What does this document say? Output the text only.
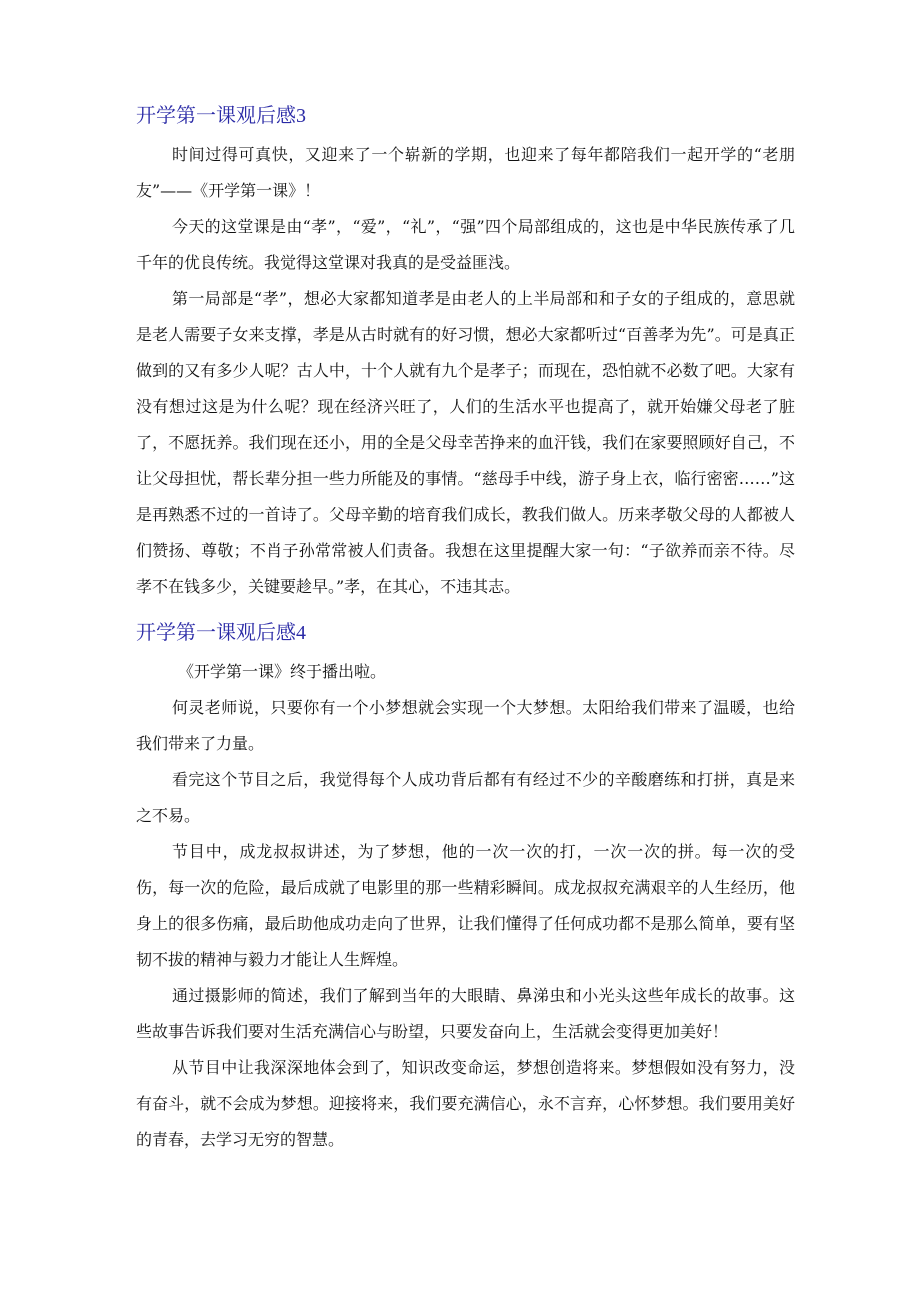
开学第一课观后感3

时间过得可真快，又迎来了一个崭新的学期，也迎来了每年都陪我们一起开学的“老朋友”——《开学第一课》！

今天的这堂课是由“孝”，“爱”，“礼”，“强”四个局部组成的，这也是中华民族传承了几千年的优良传统。我觉得这堂课对我真的是受益匪浅。

第一局部是“孝”，想必大家都知道孝是由老人的上半局部和和子女的子组成的，意思就是老人需要子女来支撑，孝是从古时就有的好习惯，想必大家都听过“百善孝为先”。可是真正做到的又有多少人呢？古人中，十个人就有九个是孝子；而现在，恐怕就不必数了吧。大家有没有想过这是为什么呢？现在经济兴旺了，人们的生活水平也提高了，就开始嫌父母老了脏了，不愿抚养。我们现在还小，用的全是父母幸苦挣来的血汗钱，我们在家要照顾好自己，不让父母担忧，帮长辈分担一些力所能及的事情。“慈母手中线，游子身上衣，临行密密……”这是再熟悉不过的一首诗了。父母辛勤的培育我们成长，教我们做人。历来孝敬父母的人都被人们赞扬、尊敬；不肖子孙常常被人们责备。我想在这里提醒大家一句：“子欲养而亲不待。尽孝不在钱多少，关键要趁早。”孝，在其心，不违其志。

开学第一课观后感4

《开学第一课》终于播出啦。

何灵老师说，只要你有一个小梦想就会实现一个大梦想。太阳给我们带来了温暖，也给我们带来了力量。

看完这个节目之后，我觉得每个人成功背后都有有经过不少的辛酸磨练和打拼，真是来之不易。

节目中，成龙叔叔讲述，为了梦想，他的一次一次的打，一次一次的拼。每一次的受伤，每一次的危险，最后成就了电影里的那一些精彩瞬间。成龙叔叔充满艰辛的人生经历，他身上的很多伤痛，最后助他成功走向了世界，让我们懂得了任何成功都不是那么简单，要有坚韧不拔的精神与毅力才能让人生辉煌。

通过摄影师的简述，我们了解到当年的大眼睛、鼻涕虫和小光头这些年成长的故事。这些故事告诉我们要对生活充满信心与盼望，只要发奋向上，生活就会变得更加美好！

从节目中让我深深地体会到了，知识改变命运，梦想创造将来。梦想假如没有努力，没有奋斗，就不会成为梦想。迎接将来，我们要充满信心，永不言弃，心怀梦想。我们要用美好的青春，去学习无穷的智慧。
